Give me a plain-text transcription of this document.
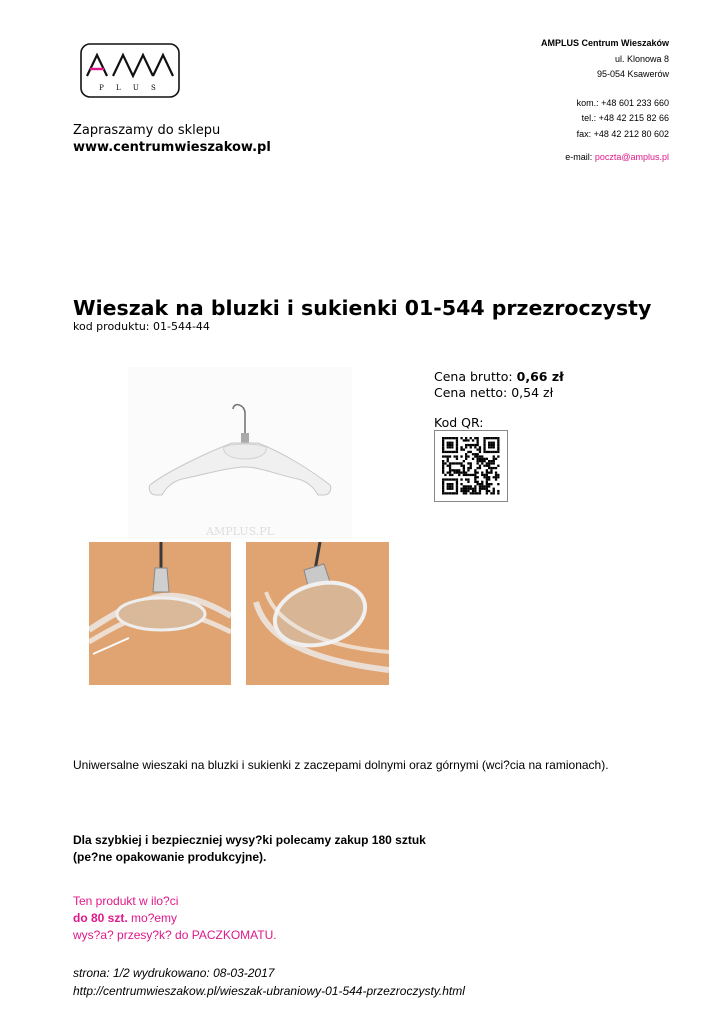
P L U S
Zapraszamy do sklepu
www.centrumwieszakow.pl
AMPLUS Centrum Wieszaków
ul. Klonowa 8
95-054 Ksawerów
kom.: +48 601 233 660
tel.: +48 42 215 82 66
fax: +48 42 212 80 602
e-mail: poczta@amplus.pl
Wieszak na bluzki i sukienki 01-544 przezroczysty
kod produktu: 01-544-44
AMPLUS.PL
Cena brutto: 0,66 zł
Cena netto: 0,54 zł
Kod QR:
Uniwersalne wieszaki na bluzki i sukienki z zaczepami dolnymi oraz górnymi (wci?cia na ramionach).
Dla szybkiej i bezpieczniej wysy?ki polecamy zakup 180 sztuk
(pe?ne opakowanie produkcyjne).
Ten produkt w ilo?ci
do 80 szt. mo?emy
wys?a? przesy?k? do PACZKOMATU.
strona: 1/2 wydrukowano: 08-03-2017
http://centrumwieszakow.pl/wieszak-ubraniowy-01-544-przezroczysty.html
